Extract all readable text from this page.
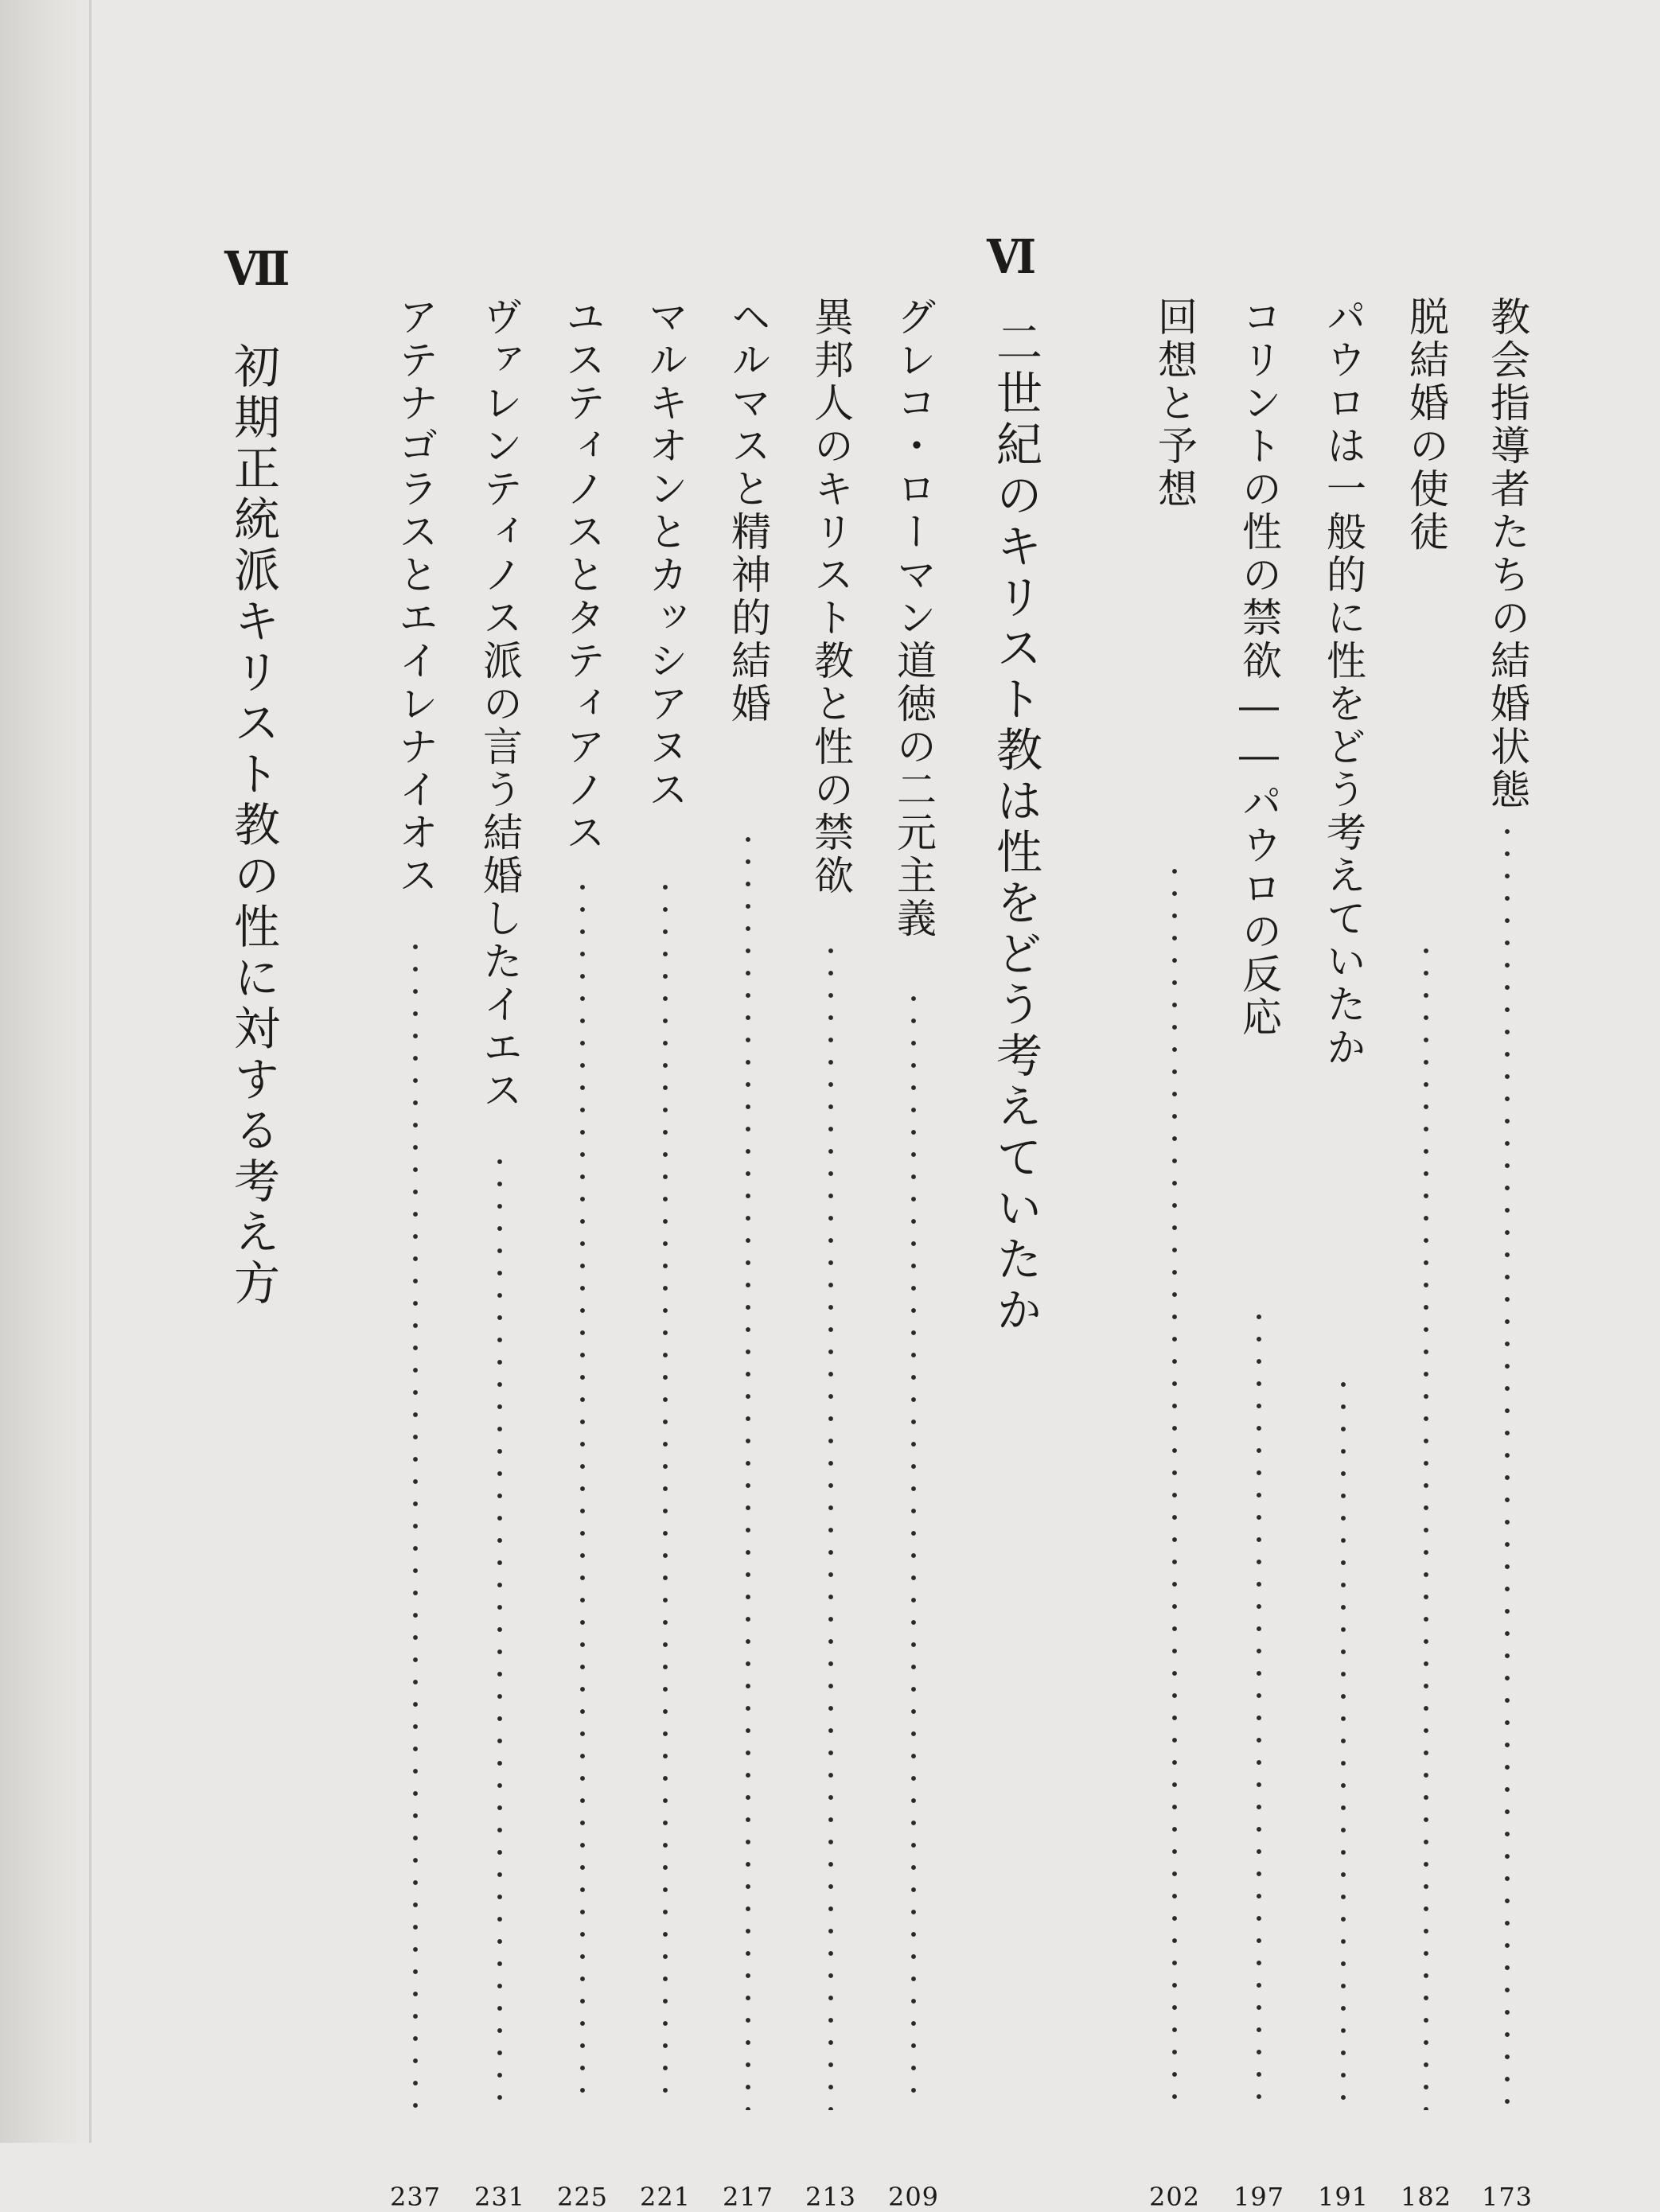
教会指導者たちの結婚状態
173
脱結婚の使徒
182
パウロは一般的に性をどう考えていたか
191
コリントの性の禁欲――パウロの反応
197
回想と予想
202
Ⅵ
二世紀のキリスト教は性をどう考えていたか
グレコ・ローマン道徳の二元主義
209
異邦人のキリスト教と性の禁欲
213
ヘルマスと精神的結婚
217
マルキオンとカッシアヌス
221
ユスティノスとタティアノス
225
ヴァレンティノス派の言う結婚したイエス
231
アテナゴラスとエイレナイオス
237
Ⅶ
初期正統派キリスト教の性に対する考え方
